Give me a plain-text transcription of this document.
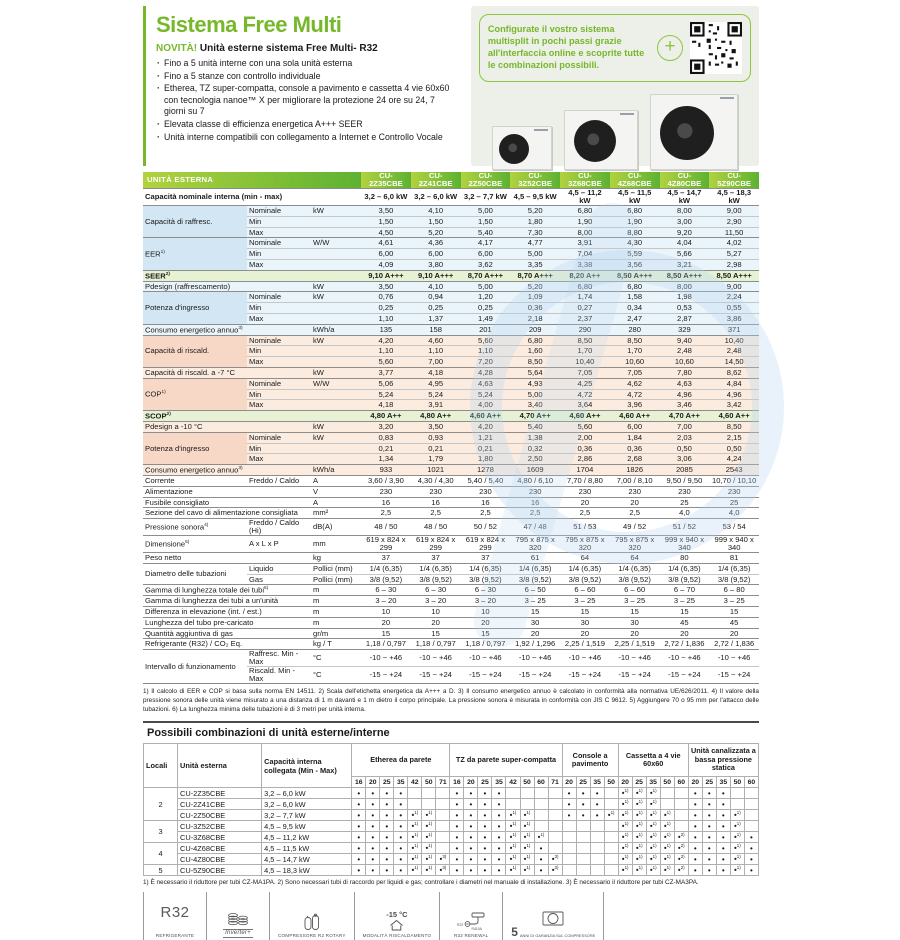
Sistema Free Multi
NOVITÀ! Unità esterne sistema Free Multi- R32
· Fino a 5 unità interne con una sola unità esterna
· Fino a 5 stanze con controllo individuale
· Etherea, TZ super-compatta, console a pavimento e cassetta 4 vie 60x60 con tecnologia nanoe™ X per migliorare la protezione 24 ore su 24, 7 giorni su 7
· Elevata classe di efficienza energetica A+++ SEER
· Unità interne compatibili con collegamento a Internet e Controllo Vocale
Configurate il vostro sistema multisplit in pochi passi grazie all'interfaccia online e scoprite tutte le combinazioni possibili.
+
UNITÀ ESTERNA			CU-2Z35CBE	CU-2Z41CBE	CU-2Z50CBE	CU-3Z52CBE	CU-3Z68CBE	CU-4Z68CBE	CU-4Z80CBE	CU-5Z90CBE
Capacità nominale interna (min - max)			3,2 – 6,0 kW	3,2 – 6,0 kW	3,2 – 7,7 kW	4,5 – 9,5 kW	4,5 – 11,2 kW	4,5 – 11,5 kW	4,5 – 14,7 kW	4,5 – 18,3 kW
Capacità di raffresc.	Nominale	kW	3,50	4,10	5,00	5,20	6,80	6,80	8,00	9,00
	Min		1,50	1,50	1,50	1,80	1,90	1,90	3,00	2,90
	Max		4,50	5,20	5,40	7,30	8,00	8,80	9,20	11,50
EER$^{1)}$	Nominale	W/W	4,61	4,36	4,17	4,77	3,91	4,30	4,04	4,02
	Min		6,00	6,00	6,00	5,00	7,04	5,59	5,66	5,27
	Max		4,09	3,80	3,62	3,35	3,38	3,56	3,21	2,98
SEER$^{2)}$			9,10 A+++	9,10 A+++	8,70 A+++	8,70 A+++	8,20 A++	8,50 A+++	8,50 A+++	8,50 A+++
Pdesign (raffrescamento)		kW	3,50	4,10	5,00	5,20	6,80	6,80	8,00	9,00
Potenza d'ingresso	Nominale	kW	0,76	0,94	1,20	1,09	1,74	1,58	1,98	2,24
	Min		0,25	0,25	0,25	0,36	0,27	0,34	0,53	0,55
	Max		1,10	1,37	1,49	2,18	2,37	2,47	2,87	3,86
Consumo energetico annuo$^{3)}$		kWh/a	135	158	201	209	290	280	329	371
Capacità di riscald.	Nominale	kW	4,20	4,60	5,60	6,80	8,50	8,50	9,40	10,40
	Min		1,10	1,10	1,10	1,60	1,70	1,70	2,48	2,48
	Max		5,60	7,00	7,20	8,50	10,40	10,60	10,60	14,50
Capacità di riscald. a -7 °C		kW	3,77	4,18	4,28	5,64	7,05	7,05	7,80	8,62
COP$^{1)}$	Nominale	W/W	5,06	4,95	4,63	4,93	4,25	4,62	4,63	4,84
	Min		5,24	5,24	5,24	5,00	4,72	4,72	4,96	4,96
	Max		4,18	3,91	4,00	3,40	3,64	3,96	3,46	3,42
SCOP$^{2)}$			4,80 A++	4,80 A++	4,60 A++	4,70 A++	4,60 A++	4,60 A++	4,70 A++	4,60 A++
Pdesign a -10 °C		kW	3,20	3,50	4,20	5,40	5,60	6,00	7,00	8,50
Potenza d'ingresso	Nominale	kW	0,83	0,93	1,21	1,38	2,00	1,84	2,03	2,15
	Min		0,21	0,21	0,21	0,32	0,36	0,36	0,50	0,50
	Max		1,34	1,79	1,80	2,50	2,86	2,68	3,06	4,24
Consumo energetico annuo$^{3)}$		kWh/a	933	1021	1278	1609	1704	1826	2085	2543
Corrente	Freddo / Caldo	A	3,60 / 3,90	4,30 / 4,30	5,40 / 5,40	4,80 / 6,10	7,70 / 8,80	7,00 / 8,10	9,50 / 9,50	10,70 / 10,10
Alimentazione		V	230	230	230	230	230	230	230	230
Fusibile consigliato		A	16	16	16	16	20	20	25	25
Sezione del cavo di alimentazione consigliata		mm²	2,5	2,5	2,5	2,5	2,5	2,5	4,0	4,0
Pressione sonora$^{4)}$	Freddo / Caldo (Hi)	dB(A)	48 / 50	48 / 50	50 / 52	47 / 48	51 / 53	49 / 52	51 / 52	53 / 54
Dimensione$^{5)}$	A x L x P	mm	619 x 824 x 299	619 x 824 x 299	619 x 824 x 299	795 x 875 x 320	795 x 875 x 320	795 x 875 x 320	999 x 940 x 340	999 x 940 x 340
Peso netto		kg	37	37	37	61	64	64	80	81
Diametro delle tubazioni	Liquido	Pollici (mm)	1/4 (6,35)	1/4 (6,35)	1/4 (6,35)	1/4 (6,35)	1/4 (6,35)	1/4 (6,35)	1/4 (6,35)	1/4 (6,35)
	Gas	Pollici (mm)	3/8 (9,52)	3/8 (9,52)	3/8 (9,52)	3/8 (9,52)	3/8 (9,52)	3/8 (9,52)	3/8 (9,52)	3/8 (9,52)
Gamma di lunghezza totale dei tubi$^{6)}$		m	6 – 30	6 – 30	6 – 30	6 – 50	6 – 60	6 – 60	6 – 70	6 – 80
Gamma di lunghezza dei tubi a un'unità		m	3 – 20	3 – 20	3 – 20	3 – 25	3 – 25	3 – 25	3 – 25	3 – 25
Differenza in elevazione (int. / est.)		m	10	10	10	15	15	15	15	15
Lunghezza del tubo pre-caricato		m	20	20	20	30	30	30	45	45
Quantità aggiuntiva di gas		gr/m	15	15	15	20	20	20	20	20
Refrigerante (R32) / CO₂ Eq.		kg / T	1,18 / 0,797	1,18 / 0,797	1,18 / 0,797	1,92 / 1,296	2,25 / 1,519	2,25 / 1,519	2,72 / 1,836	2,72 / 1,836
Intervallo di funzionamento	Raffresc. Min - Max	°C	-10 ~ +46	-10 ~ +46	-10 ~ +46	-10 ~ +46	-10 ~ +46	-10 ~ +46	-10 ~ +46	-10 ~ +46
	Riscald. Min - Max	°C	-15 ~ +24	-15 ~ +24	-15 ~ +24	-15 ~ +24	-15 ~ +24	-15 ~ +24	-15 ~ +24	-15 ~ +24
1) Il calcolo di EER e COP si basa sulla norma EN 14511. 2) Scala dell'etichetta energetica da A+++ a D. 3) Il consumo energetico annuo è calcolato in conformità alla normativa UE/626/2011. 4) Il valore della pressione sonora delle unità viene misurato a una distanza di 1 m davanti e 1 m dietro il corpo principale. La pressione sonora è misurata in conformità con JIS C 9612. 5) Aggiungere 70 o 95 mm per l'attacco delle tubazioni. 6) La lunghezza minima delle tubazioni è di 3 metri per unità interna.
Possibili combinazioni di unità esterne/interne
Locali	Unità esterna	Capacità interna collegata (Min - Max)	Etherea da parete							TZ da parete super-compatta								Console a pavimento				Cassetta a 4 vie 60x60					Unità canalizzata a bassa pressione statica				
			16	20	25	35	42	50	71	16	20	25	35	42	50	60	71	20	25	35	50	20	25	35	50	60	20	25	35	50	60
2	CU-2Z35CBE	3,2 – 6,0 kW	•	•	•	•				•	•	•	•					•	•	•		•$^{1)}$	•$^{1)}$	•$^{1)}$			•	•	•		
	CU-2Z41CBE	3,2 – 6,0 kW	•	•	•	•				•	•	•	•					•	•	•		•$^{1)}$	•$^{1)}$	•$^{1)}$			•	•	•		
	CU-2Z50CBE	3,2 – 7,7 kW	•	•	•	•	•$^{1)}$	•$^{1)}$		•	•	•	•	•$^{1)}$	•$^{1)}$			•	•	•	•$^{1)}$	•$^{1)}$	•$^{1)}$	•$^{1)}$	•$^{1)}$		•	•	•	•$^{1)}$	
3	CU-3Z52CBE	4,5 – 9,5 kW	•	•	•	•	•$^{1)}$	•$^{1)}$		•	•	•	•	•$^{1)}$	•$^{1)}$							•$^{1)}$	•$^{1)}$	•$^{1)}$	•$^{1)}$		•	•	•	•$^{1)}$	
	CU-3Z68CBE	4,5 – 11,2 kW	•	•	•	•	•$^{1)}$	•$^{1)}$		•	•	•	•	•$^{1)}$	•$^{1)}$	•$^{1)}$						•$^{1)}$	•$^{1)}$	•$^{1)}$	•$^{1)}$	•$^{2)}$	•	•	•	•$^{1)}$	•
4	CU-4Z68CBE	4,5 – 11,5 kW	•	•	•	•	•$^{1)}$	•$^{1)}$		•	•	•	•	•$^{1)}$	•$^{1)}$	•						•$^{1)}$	•$^{1)}$	•$^{1)}$	•$^{1)}$	•$^{2)}$	•	•	•	•$^{1)}$	•
	CU-4Z80CBE	4,5 – 14,7 kW	•	•	•	•	•$^{1)}$	•$^{1)}$	•$^{3)}$	•	•	•	•	•$^{1)}$	•$^{1)}$	•	•$^{3)}$					•$^{1)}$	•$^{1)}$	•$^{1)}$	•$^{1)}$	•$^{2)}$	•	•	•	•$^{1)}$	•
5	CU-5Z90CBE	4,5 – 18,3 kW	•	•	•	•	•$^{1)}$	•$^{1)}$	•$^{3)}$	•	•	•	•	•$^{1)}$	•$^{1)}$	•	•$^{3)}$					•$^{1)}$	•$^{1)}$	•$^{1)}$	•$^{1)}$	•$^{2)}$	•	•	•	•$^{1)}$	•
1) È necessario il riduttore per tubi CZ-MA1PA. 2) Sono necessari tubi di raccordo per liquidi e gas; controllare i diametri nel manuale di installazione. 3) È necessario il riduttore per tubi CZ-MA3PA.
R32
REFRIGERANTE	Inverter+	COMPRESSORE R2 ROTARY
-15 °C
MODALITÀ RISCALDAMENTO
R22
R410A
R32 RENEWAL 5 ANNI DI GARANZIA SUL COMPRESSORE
